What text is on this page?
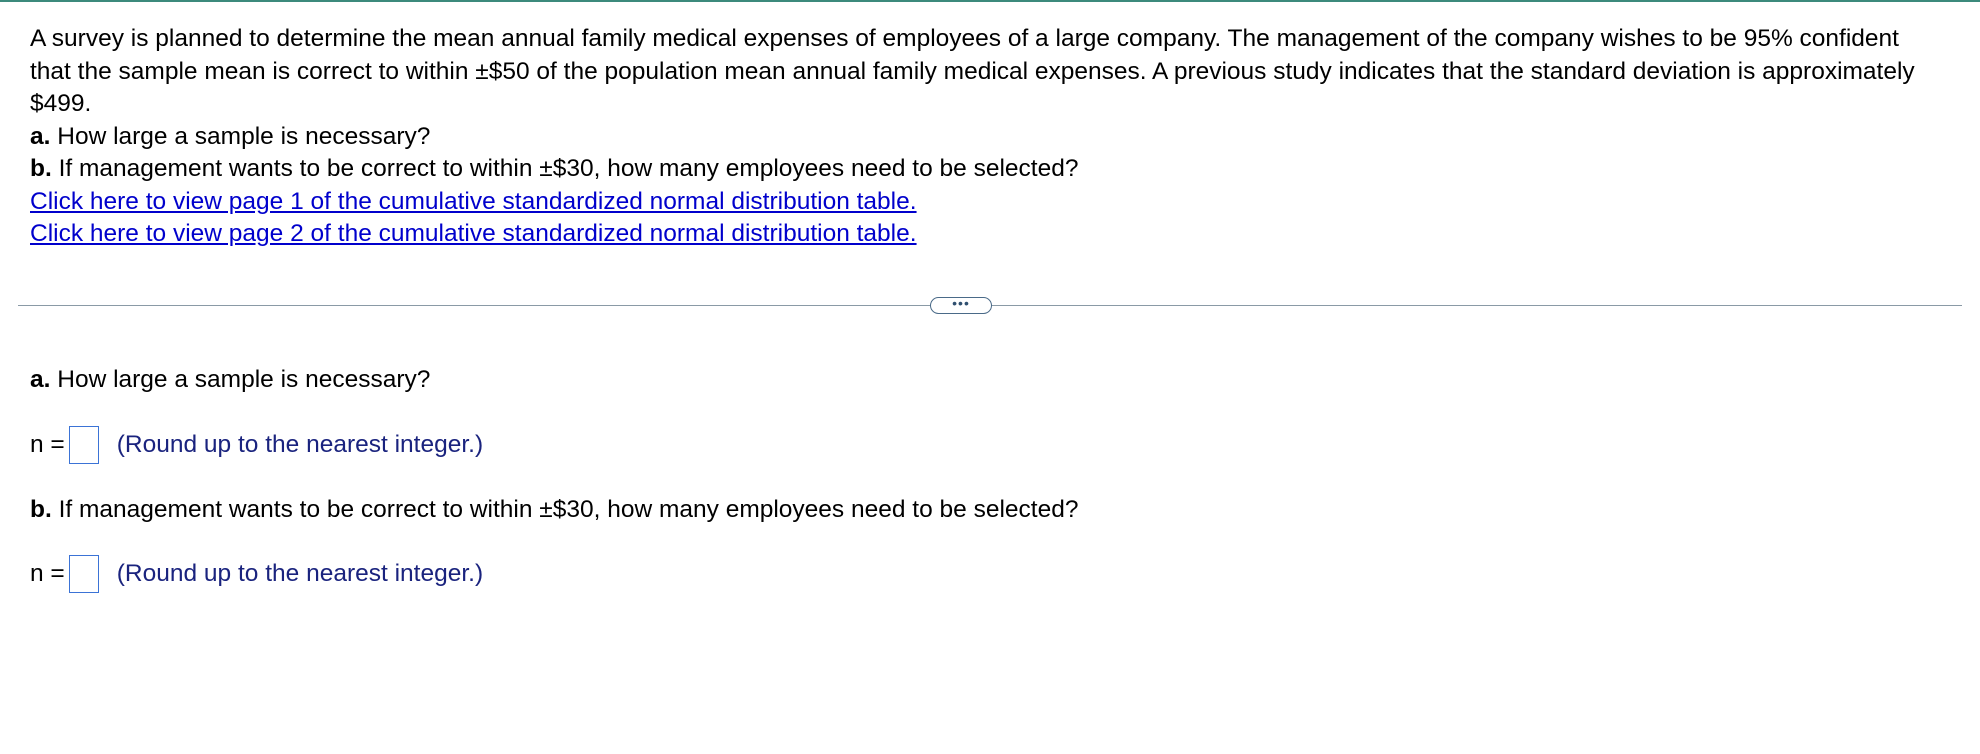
A survey is planned to determine the mean annual family medical expenses of employees of a large company. The management of the company wishes to be 95% confident that the sample mean is correct to within ±$50 of the population mean annual family medical expenses. A previous study indicates that the standard deviation is approximately $499.

a. How large a sample is necessary?

b. If management wants to be correct to within ±$30, how many employees need to be selected?

Click here to view page 1 of the cumulative standardized normal distribution table.

Click here to view page 2 of the cumulative standardized normal distribution table.

•••
a. How large a sample is necessary?
n = (Round up to the nearest integer.)
b. If management wants to be correct to within ±$30, how many employees need to be selected?
n = (Round up to the nearest integer.)
